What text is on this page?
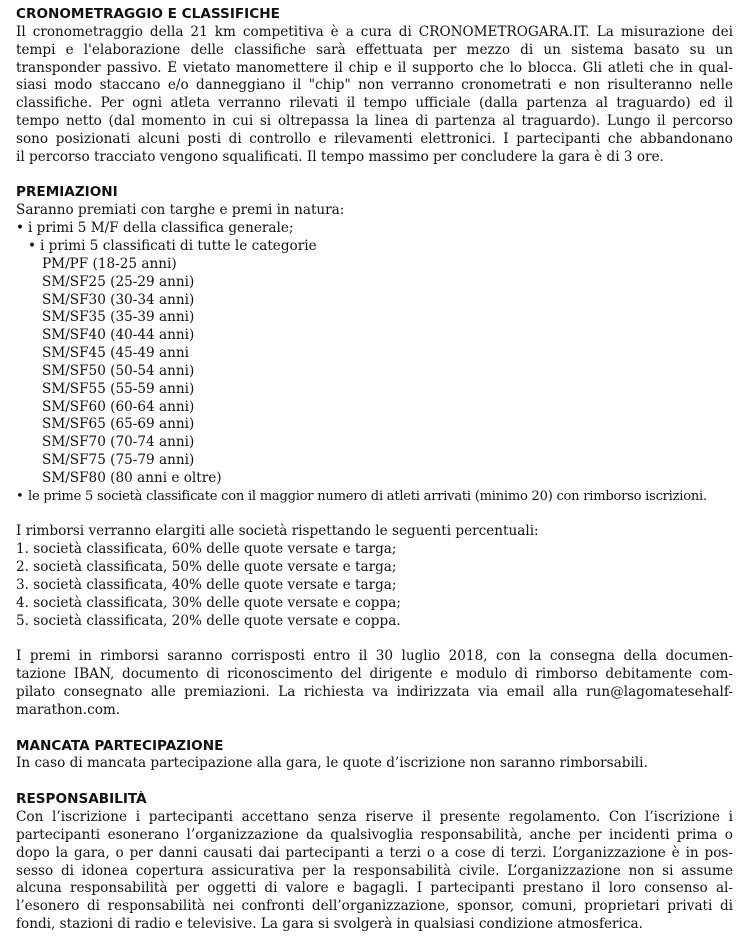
CRONOMETRAGGIO E CLASSIFICHE
Il cronometraggio della 21 km competitiva è a cura di CRONOMETROGARA.IT. La misurazione dei
tempi e l'elaborazione delle classifiche sarà effettuata per mezzo di un sistema basato su un
transponder passivo. È vietato manomettere il chip e il supporto che lo blocca. Gli atleti che in qual-
siasi modo staccano e/o danneggiano il "chip" non verranno cronometrati e non risulteranno nelle
classifiche. Per ogni atleta verranno rilevati il tempo ufficiale (dalla partenza al traguardo) ed il
tempo netto (dal momento in cui si oltrepassa la linea di partenza al traguardo). Lungo il percorso
sono posizionati alcuni posti di controllo e rilevamenti elettronici. I partecipanti che abbandonano
il percorso tracciato vengono squalificati. Il tempo massimo per concludere la gara è di 3 ore.
PREMIAZIONI
Saranno premiati con targhe e premi in natura:
• i primi 5 M/F della classifica generale;
• i primi 5 classificati di tutte le categorie
PM/PF (18-25 anni)
SM/SF25 (25-29 anni)
SM/SF30 (30-34 anni)
SM/SF35 (35-39 anni)
SM/SF40 (40-44 anni)
SM/SF45 (45-49 anni
SM/SF50 (50-54 anni)
SM/SF55 (55-59 anni)
SM/SF60 (60-64 anni)
SM/SF65 (65-69 anni)
SM/SF70 (70-74 anni)
SM/SF75 (75-79 anni)
SM/SF80 (80 anni e oltre)
• le prime 5 società classificate con il maggior numero di atleti arrivati (minimo 20) con rimborso iscrizioni.
I rimborsi verranno elargiti alle società rispettando le seguenti percentuali:
1. società classificata, 60% delle quote versate e targa;
2. società classificata, 50% delle quote versate e targa;
3. società classificata, 40% delle quote versate e targa;
4. società classificata, 30% delle quote versate e coppa;
5. società classificata, 20% delle quote versate e coppa.
I premi in rimborsi saranno corrisposti entro il 30 luglio 2018, con la consegna della documen-
tazione IBAN, documento di riconoscimento del dirigente e modulo di rimborso debitamente com-
pilato consegnato alle premiazioni. La richiesta va indirizzata via email alla run@lagomatesehalf-
marathon.com.
MANCATA PARTECIPAZIONE
In caso di mancata partecipazione alla gara, le quote d’iscrizione non saranno rimborsabili.
RESPONSABILITÀ
Con l’iscrizione i partecipanti accettano senza riserve il presente regolamento. Con l’iscrizione i
partecipanti esonerano l’organizzazione da qualsivoglia responsabilità, anche per incidenti prima o
dopo la gara, o per danni causati dai partecipanti a terzi o a cose di terzi. L’organizzazione è in pos-
sesso di idonea copertura assicurativa per la responsabilità civile. L’organizzazione non si assume
alcuna responsabilità per oggetti di valore e bagagli. I partecipanti prestano il loro consenso al-
l’esonero di responsabilità nei confronti dell’organizzazione, sponsor, comuni, proprietari privati di
fondi, stazioni di radio e televisive. La gara si svolgerà in qualsiasi condizione atmosferica.
